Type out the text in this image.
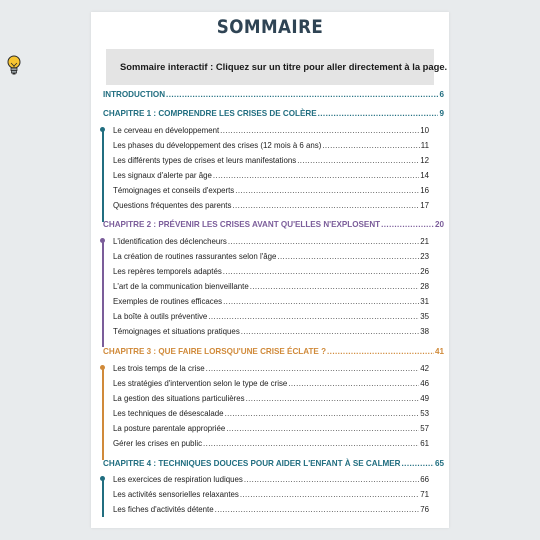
SOMMAIRE
Sommaire interactif : Cliquez sur un titre pour aller directement à la page.
INTRODUCTION .....	6
CHAPITRE 1 : COMPRENDRE LES CRISES DE COLÈRE .....	9
Le cerveau en développement .....	10
Les phases du développement des crises (12 mois à 6 ans) .....	11
Les différents types de crises et leurs manifestations .....	12
Les signaux d'alerte par âge .....	14
Témoignages et conseils d'experts .....	16
Questions fréquentes des parents .....	17
CHAPITRE 2 : PRÉVENIR LES CRISES AVANT QU'ELLES N'EXPLOSENT .....	20
L'identification des déclencheurs .....	21
La création de routines rassurantes selon l'âge .....	23
Les repères temporels adaptés .....	26
L'art de la communication bienveillante .....	28
Exemples de routines efficaces .....	31
La boîte à outils préventive .....	35
Témoignages et situations pratiques .....	38
CHAPITRE 3 : QUE FAIRE LORSQU'UNE CRISE ÉCLATE ? .....	41
Les trois temps de la crise .....	42
Les stratégies d'intervention selon le type de crise .....	46
La gestion des situations particulières .....	49
Les techniques de désescalade .....	53
La posture parentale appropriée .....	57
Gérer les crises en public .....	61
CHAPITRE 4 : TECHNIQUES DOUCES POUR AIDER L'ENFANT À SE CALMER .....	65
Les exercices de respiration ludiques .....	66
Les activités sensorielles relaxantes .....	71
Les fiches d'activités détente .....	76
